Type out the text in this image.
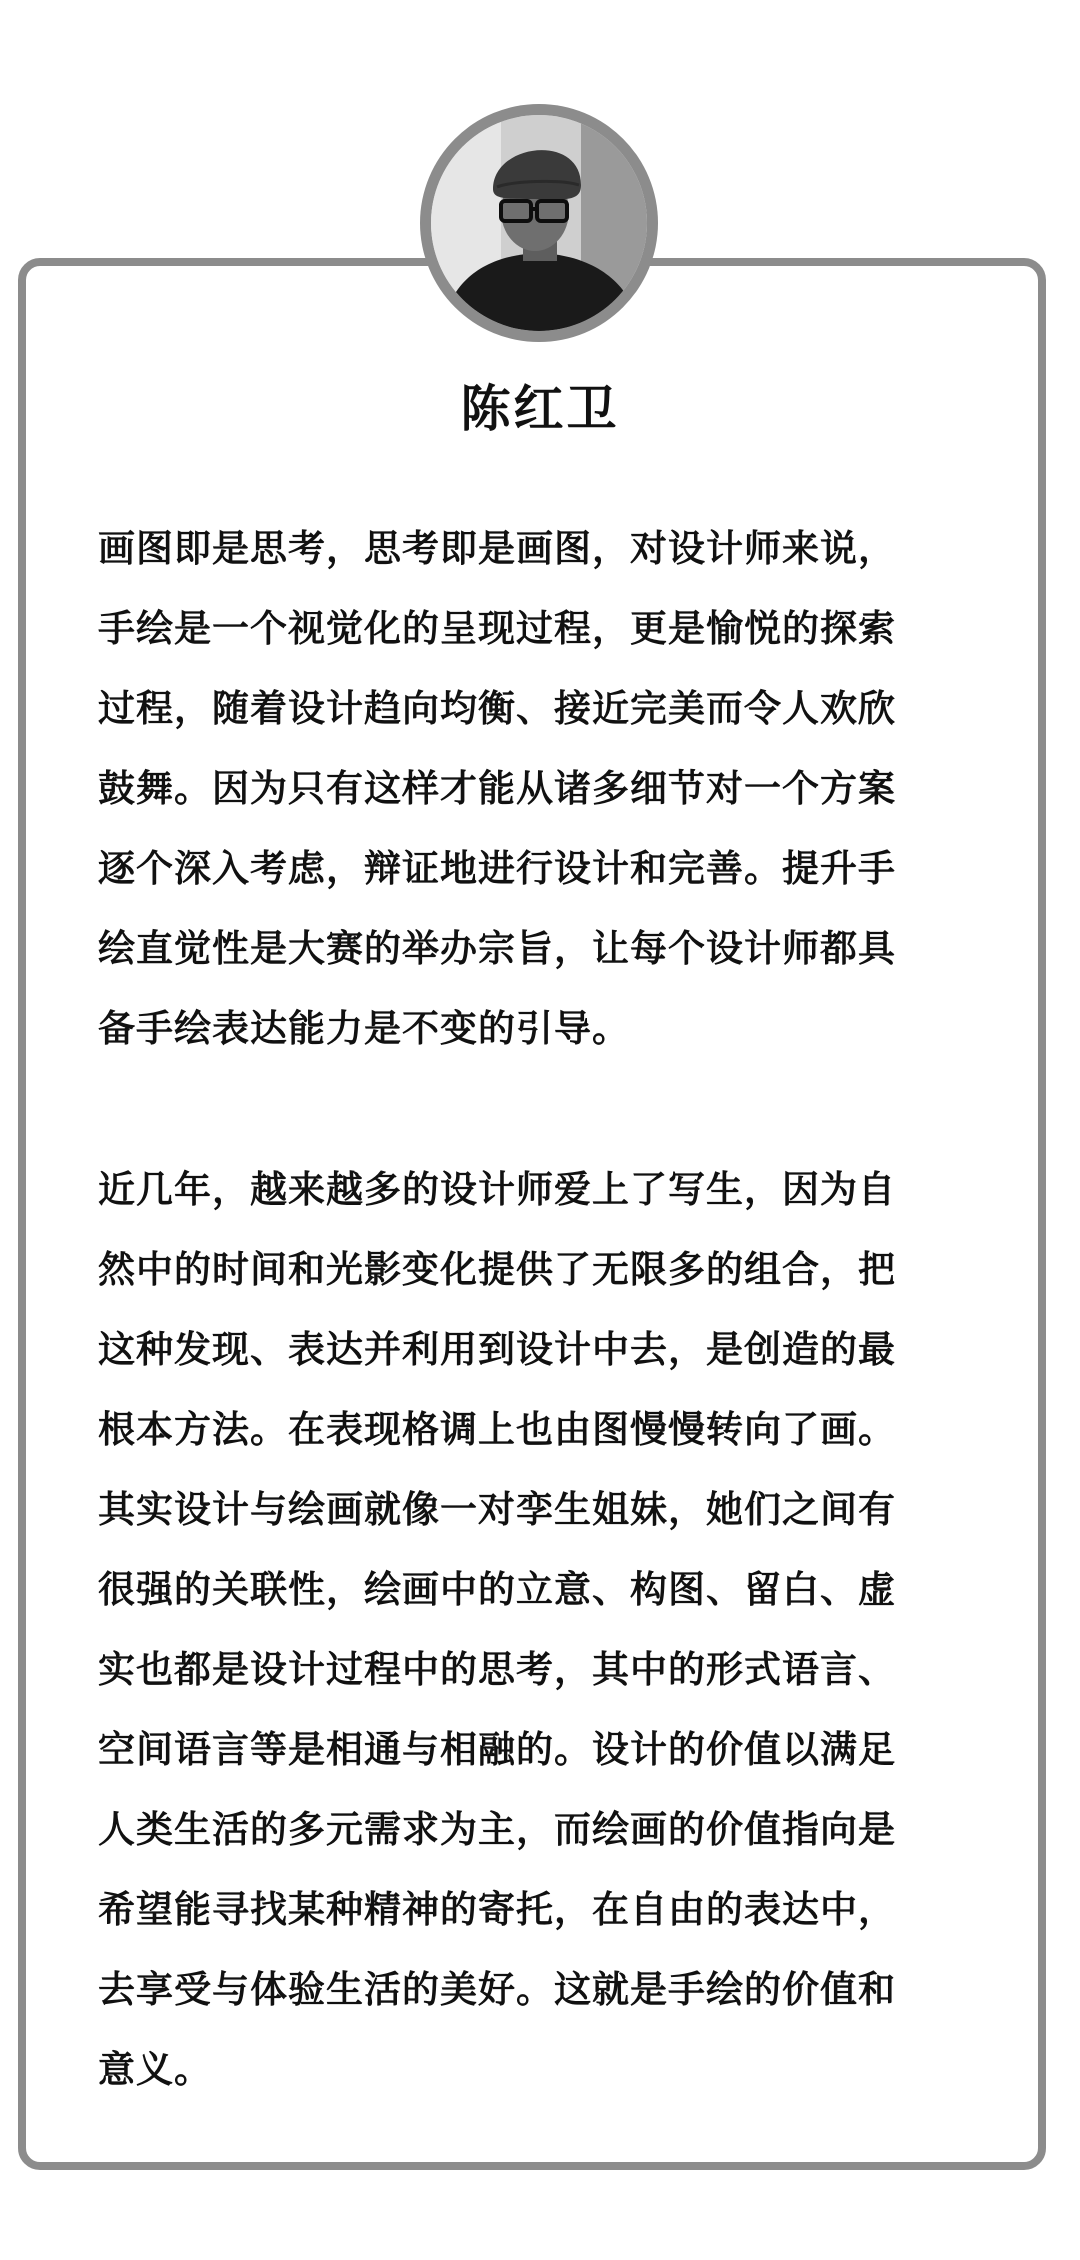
陈红卫

画图即是思考，思考即是画图，对设计师来说，
手绘是一个视觉化的呈现过程，更是愉悦的探索
过程，随着设计趋向均衡、接近完美而令人欢欣
鼓舞。因为只有这样才能从诸多细节对一个方案
逐个深入考虑，辩证地进行设计和完善。提升手
绘直觉性是大赛的举办宗旨，让每个设计师都具
备手绘表达能力是不变的引导。

近几年，越来越多的设计师爱上了写生，因为自
然中的时间和光影变化提供了无限多的组合，把
这种发现、表达并利用到设计中去，是创造的最
根本方法。在表现格调上也由图慢慢转向了画。
其实设计与绘画就像一对孪生姐妹，她们之间有
很强的关联性，绘画中的立意、构图、留白、虚
实也都是设计过程中的思考，其中的形式语言、
空间语言等是相通与相融的。设计的价值以满足
人类生活的多元需求为主，而绘画的价值指向是
希望能寻找某种精神的寄托，在自由的表达中，
去享受与体验生活的美好。这就是手绘的价值和
意义。
